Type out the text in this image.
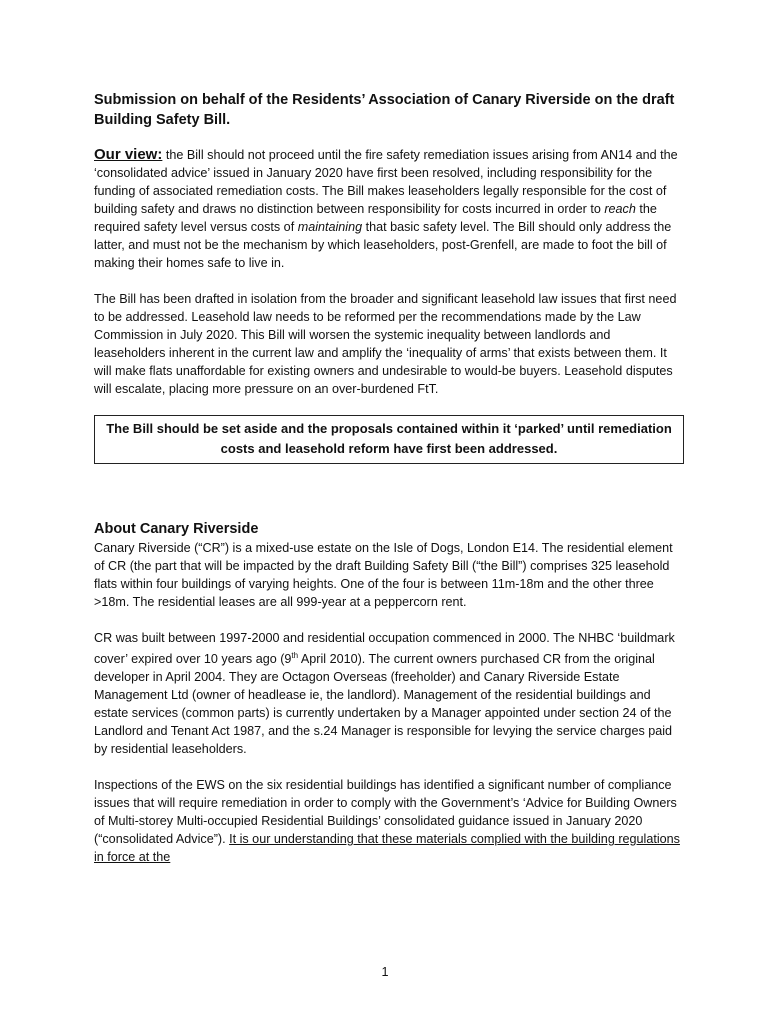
Submission on behalf of the Residents’ Association of Canary Riverside on the draft Building Safety Bill.

Our view: the Bill should not proceed until the fire safety remediation issues arising from AN14 and the ‘consolidated advice’ issued in January 2020 have first been resolved, including responsibility for the funding of associated remediation costs. The Bill makes leaseholders legally responsible for the cost of building safety and draws no distinction between responsibility for costs incurred in order to reach the required safety level versus costs of maintaining that basic safety level. The Bill should only address the latter, and must not be the mechanism by which leaseholders, post-Grenfell, are made to foot the bill of making their homes safe to live in.

The Bill has been drafted in isolation from the broader and significant leasehold law issues that first need to be addressed. Leasehold law needs to be reformed per the recommendations made by the Law Commission in July 2020. This Bill will worsen the systemic inequality between landlords and leaseholders inherent in the current law and amplify the ‘inequality of arms’ that exists between them. It will make flats unaffordable for existing owners and undesirable to would-be buyers. Leasehold disputes will escalate, placing more pressure on an over-burdened FtT.

The Bill should be set aside and the proposals contained within it ‘parked’ until remediation costs and leasehold reform have first been addressed.

About Canary Riverside

Canary Riverside (“CR”) is a mixed-use estate on the Isle of Dogs, London E14. The residential element of CR (the part that will be impacted by the draft Building Safety Bill (“the Bill”) comprises 325 leasehold flats within four buildings of varying heights. One of the four is between 11m-18m and the other three >18m. The residential leases are all 999-year at a peppercorn rent.

CR was built between 1997-2000 and residential occupation commenced in 2000. The NHBC ‘buildmark cover’ expired over 10 years ago (9th April 2010). The current owners purchased CR from the original developer in April 2004. They are Octagon Overseas (freeholder) and Canary Riverside Estate Management Ltd (owner of headlease ie, the landlord). Management of the residential buildings and estate services (common parts) is currently undertaken by a Manager appointed under section 24 of the Landlord and Tenant Act 1987, and the s.24 Manager is responsible for levying the service charges paid by residential leaseholders.

Inspections of the EWS on the six residential buildings has identified a significant number of compliance issues that will require remediation in order to comply with the Government’s ‘Advice for Building Owners of Multi-storey Multi-occupied Residential Buildings’ consolidated guidance issued in January 2020 (“consolidated Advice”). It is our understanding that these materials complied with the building regulations in force at the

1
